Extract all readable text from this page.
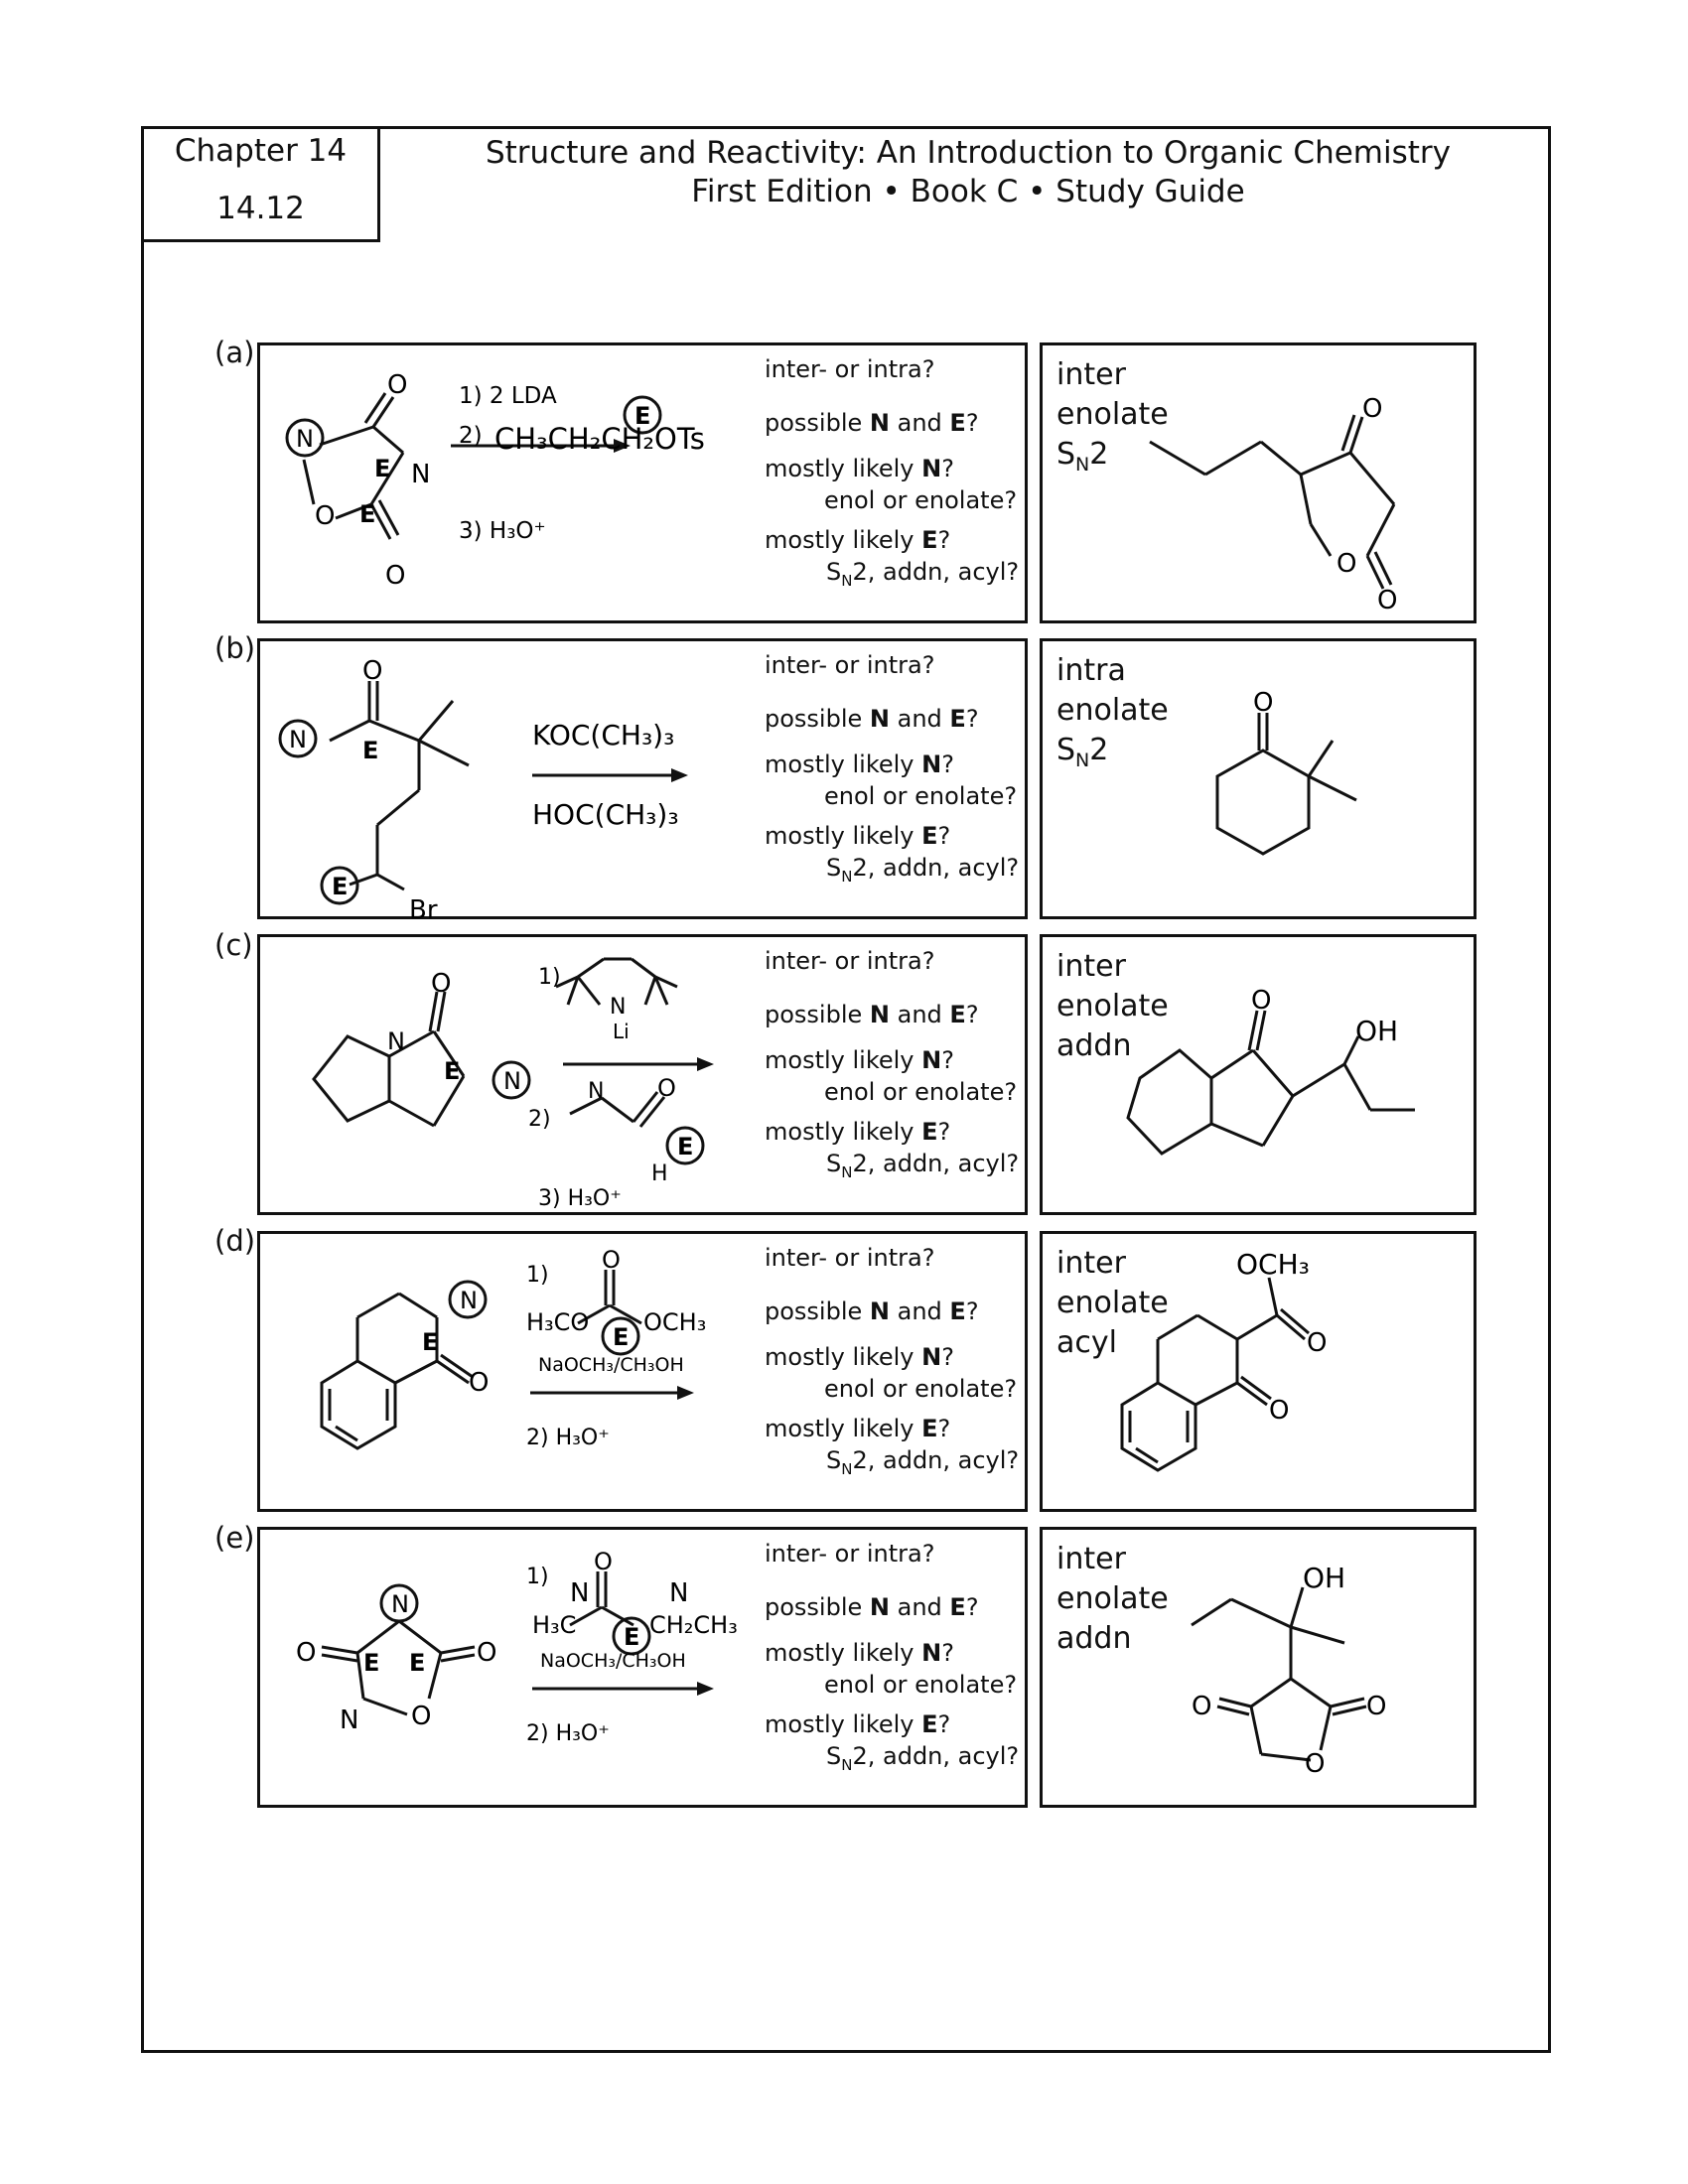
Chapter 14
14.12
Structure and Reactivity: An Introduction to Organic Chemistry
First Edition • Book C • Study Guide
(a)
(b)
(c)
(d)
(e)
O
O
O
N
N
E
E
E
1) 2 LDA
2) CH₃CH₂CH₂OTs
3) H₃O⁺
inter- or intra?
possible N and E?
mostly likely N?
enol or enolate?
mostly likely E?
$S_N2$, addn, acyl?
inter
enolate
$S_N2$
O
O
O
O
E
N
E
Br
KOC(CH₃)₃
HOC(CH₃)₃
inter- or intra?
possible N and E?
mostly likely N?
enol or enolate?
mostly likely E?
$S_N2$, addn, acyl?
intra
enolate
$S_N2$
O
O
N
E N
1)
N
Li
2)
N O
H
E
3) H₃O⁺
inter- or intra?
possible N and E?
mostly likely N?
enol or enolate?
mostly likely E?
$S_N2$, addn, acyl?
inter
enolate
addn
O
OH
O
E
N
1)
O
H₃CO OCH₃
E
NaOCH₃/CH₃OH
2) H₃O⁺
inter- or intra?
possible N and E?
mostly likely N?
enol or enolate?
mostly likely E?
$S_N2$, addn, acyl?
inter
enolate
acyl
OCH₃
O
O
N
O	O
E E
N O
1)
O
N	N
H₃C	CH₂CH₃
E
NaOCH₃/CH₃OH
2) H₃O⁺
inter- or intra?
possible N and E?
mostly likely N?
enol or enolate?
mostly likely E?
$S_N2$, addn, acyl?
inter
enolate
addn
OH
O	O
O
